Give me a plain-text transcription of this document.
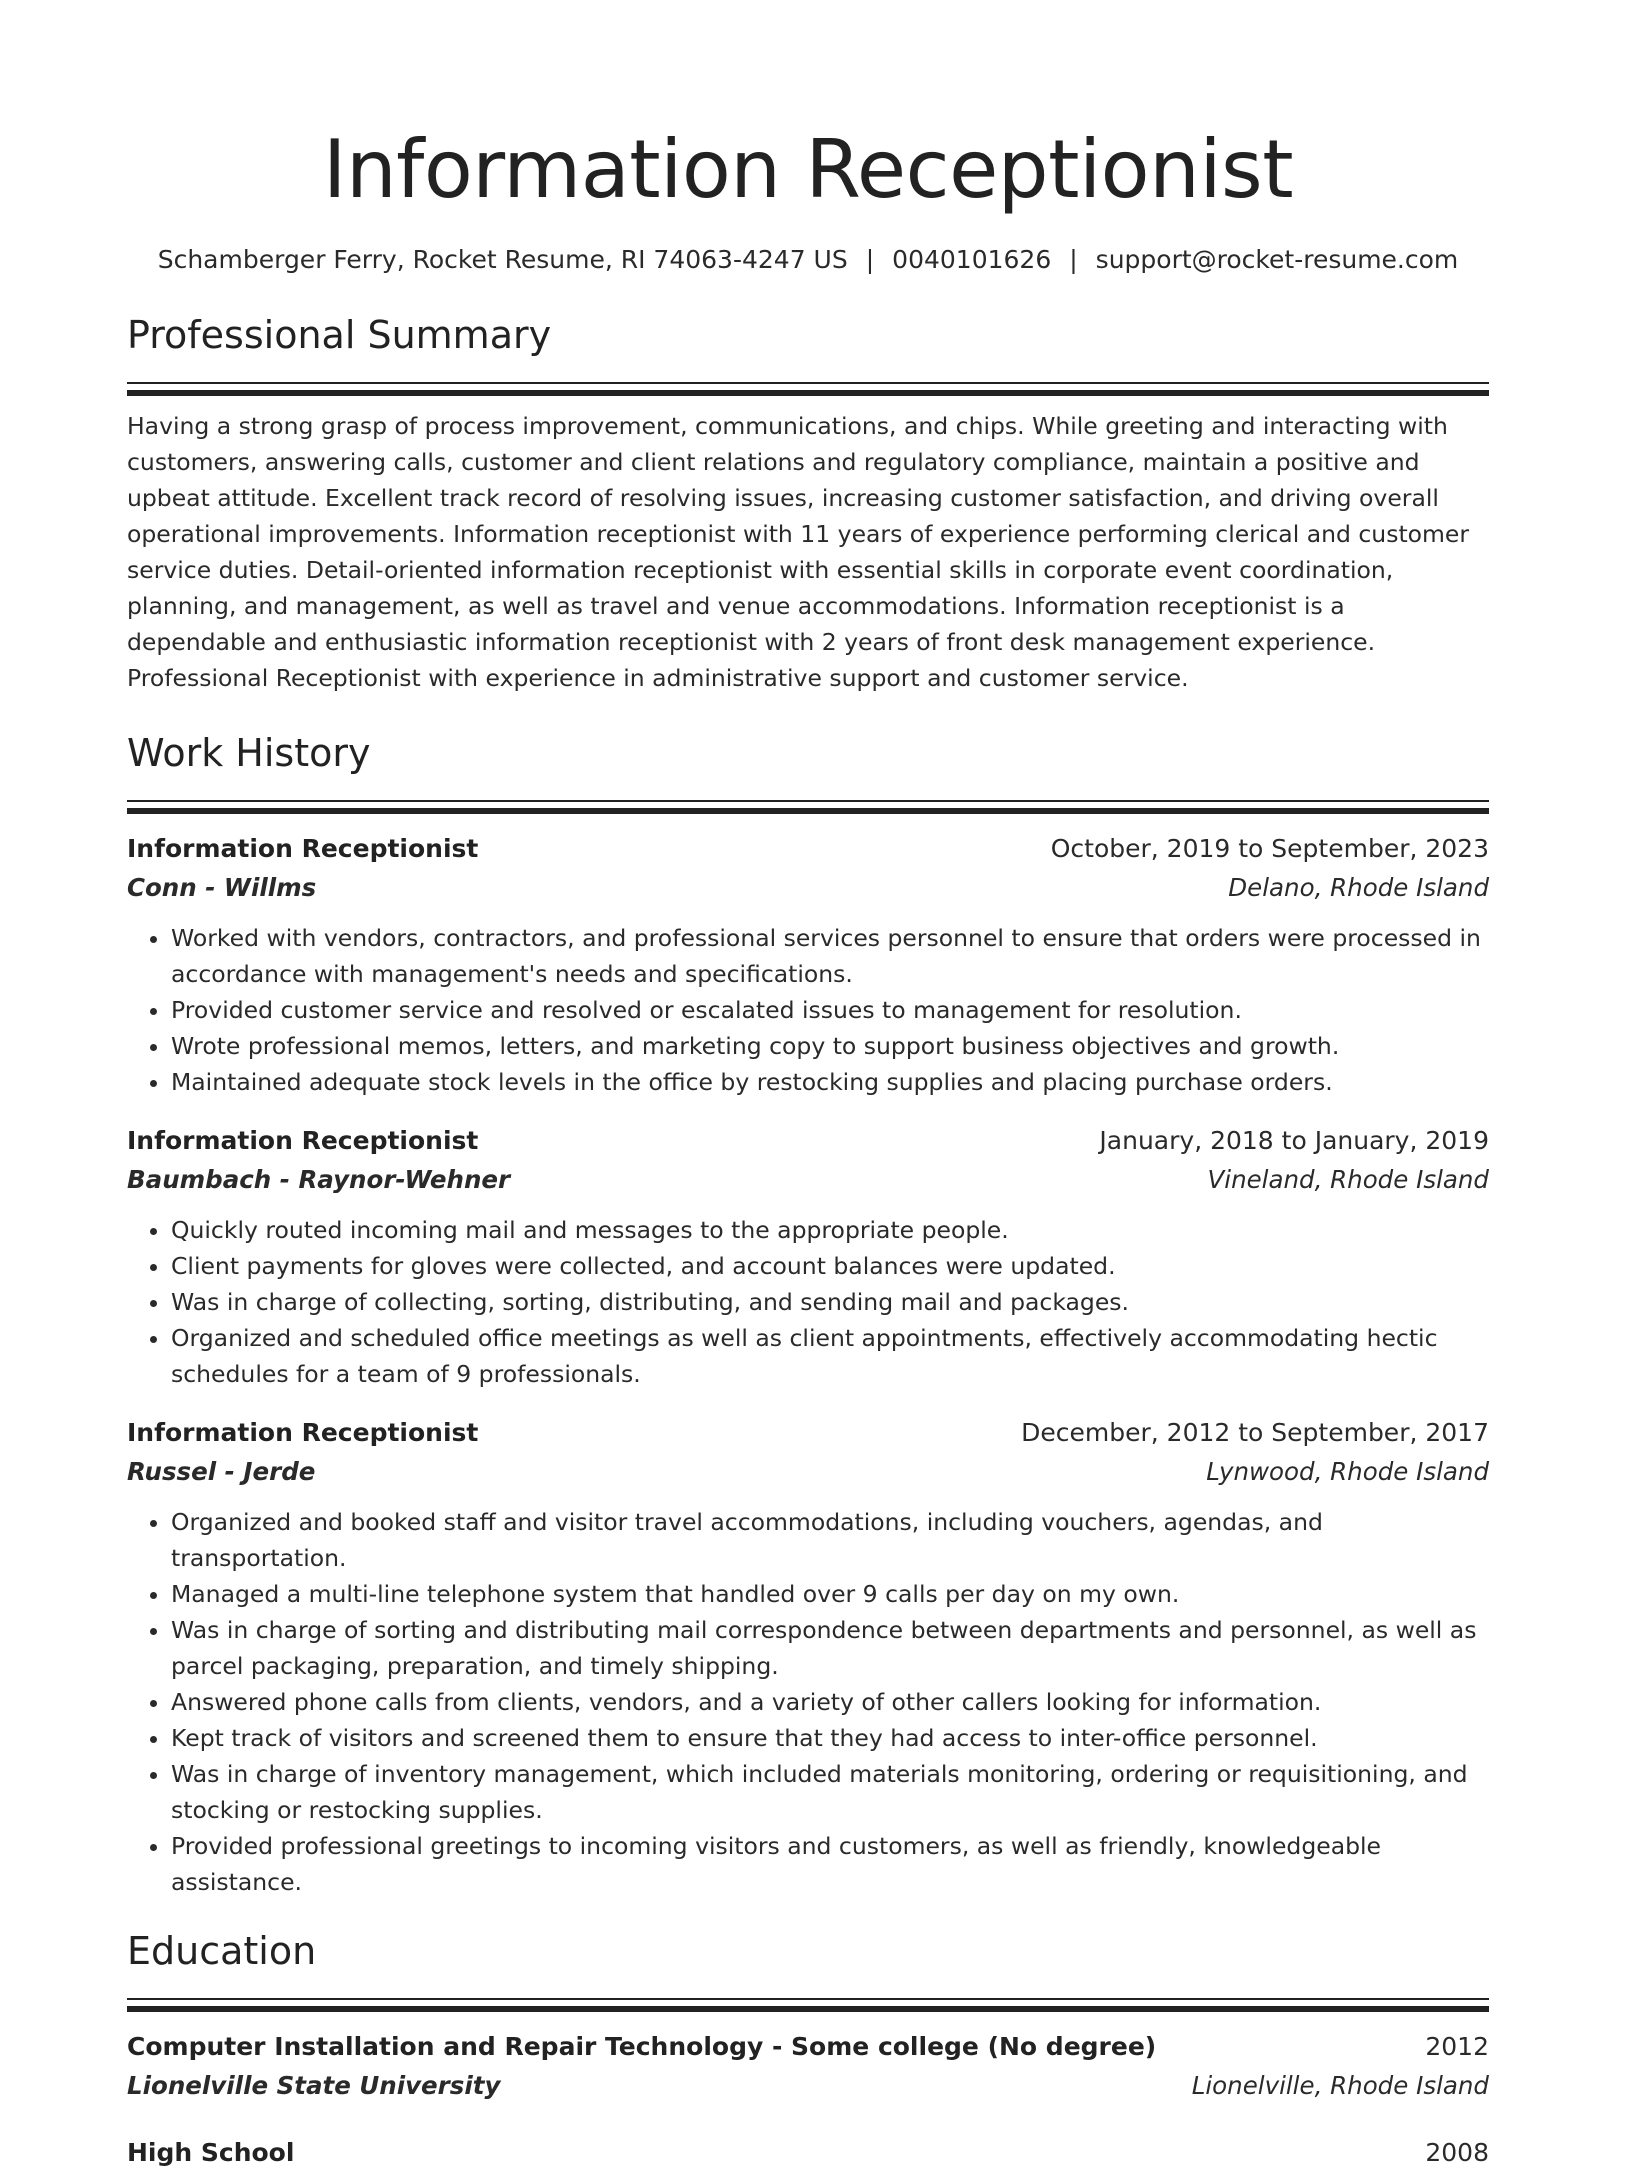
Information Receptionist
Schamberger Ferry, Rocket Resume, RI 74063-4247 US | 0040101626 | support@rocket-resume.com
Professional Summary

Having a strong grasp of process improvement, communications, and chips. While greeting and interacting with customers, answering calls, customer and client relations and regulatory compliance, maintain a positive and upbeat attitude. Excellent track record of resolving issues, increasing customer satisfaction, and driving overall operational improvements. Information receptionist with 11 years of experience performing clerical and customer service duties. Detail-oriented information receptionist with essential skills in corporate event coordination, planning, and management, as well as travel and venue accommodations. Information receptionist is a dependable and enthusiastic information receptionist with 2 years of front desk management experience. Professional Receptionist with experience in administrative support and customer service.

Work History
Information Receptionist	October, 2019 to September, 2023
Conn - Willms	Delano, Rhode Island
• Worked with vendors, contractors, and professional services personnel to ensure that orders were processed in accordance with management's needs and specifications.
• Provided customer service and resolved or escalated issues to management for resolution.
• Wrote professional memos, letters, and marketing copy to support business objectives and growth.
• Maintained adequate stock levels in the office by restocking supplies and placing purchase orders.
Information Receptionist	January, 2018 to January, 2019
Baumbach - Raynor-Wehner	Vineland, Rhode Island
• Quickly routed incoming mail and messages to the appropriate people.
• Client payments for gloves were collected, and account balances were updated.
• Was in charge of collecting, sorting, distributing, and sending mail and packages.
• Organized and scheduled office meetings as well as client appointments, effectively accommodating hectic schedules for a team of 9 professionals.
Information Receptionist	December, 2012 to September, 2017
Russel - Jerde	Lynwood, Rhode Island
• Organized and booked staff and visitor travel accommodations, including vouchers, agendas, and transportation.
• Managed a multi-line telephone system that handled over 9 calls per day on my own.
• Was in charge of sorting and distributing mail correspondence between departments and personnel, as well as parcel packaging, preparation, and timely shipping.
• Answered phone calls from clients, vendors, and a variety of other callers looking for information.
• Kept track of visitors and screened them to ensure that they had access to inter-office personnel.
• Was in charge of inventory management, which included materials monitoring, ordering or requisitioning, and stocking or restocking supplies.
• Provided professional greetings to incoming visitors and customers, as well as friendly, knowledgeable assistance.
Education
Computer Installation and Repair Technology - Some college (No degree)	2012
Lionelville State University	Lionelville, Rhode Island
High School	2008
